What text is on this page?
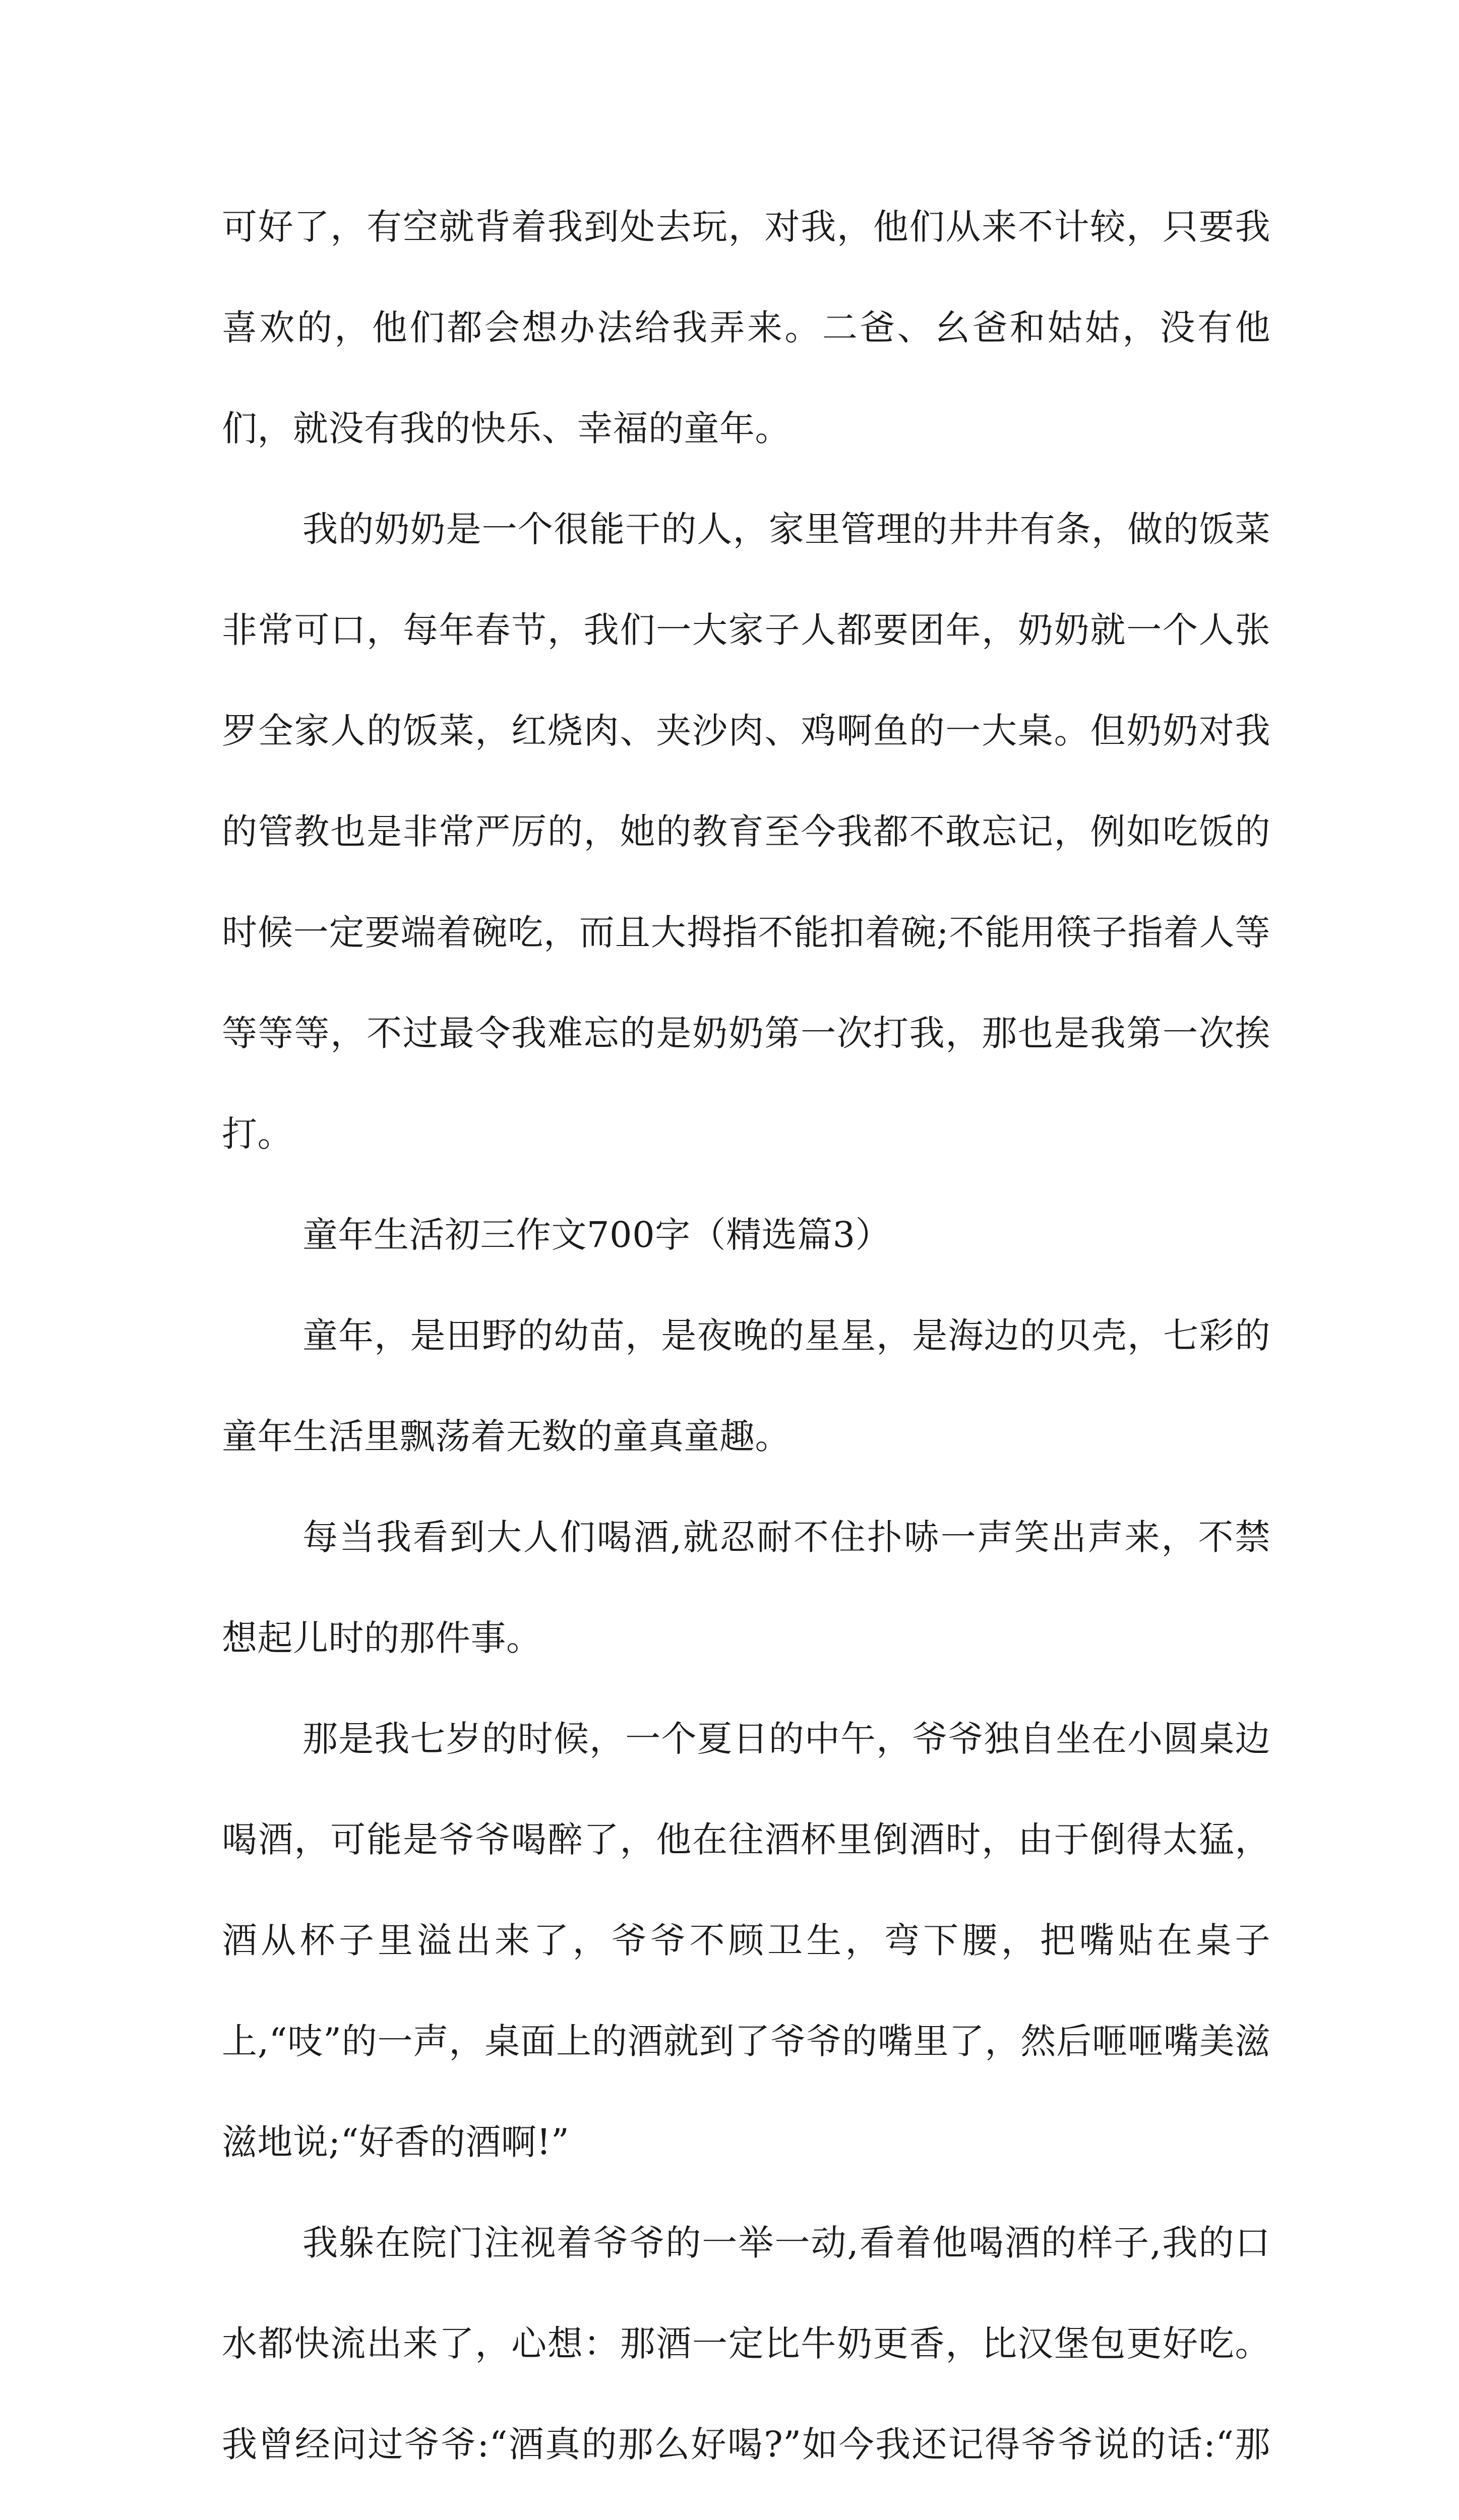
可好了，有空就背着我到处去玩，对我，他们从来不计较，只要我喜欢的，他们都会想办法给我弄来。二爸、幺爸和姑姑，没有他们，就没有我的快乐、幸福的童年。

我的奶奶是一个很能干的人，家里管理的井井有条，做的饭菜非常可口，每年春节，我们一大家子人都要团年，奶奶就一个人张罗全家人的饭菜，红烧肉、夹沙肉、鸡啊鱼的一大桌。但奶奶对我的管教也是非常严厉的，她的教育至今我都不敢忘记，例如吃饭的时候一定要端着碗吃，而且大拇指不能扣着碗;不能用筷子指着人等等等等，不过最令我难忘的是奶奶第一次打我，那也是我第一次挨打。

童年生活初三作文700字（精选篇3）

童年，是田野的幼苗，是夜晚的星星，是海边的贝壳，七彩的童年生活里飘荡着无数的童真童趣。

每当我看到大人们喝酒,就忍耐不住扑哧一声笑出声来，不禁想起儿时的那件事。

那是我七岁的时候，一个夏日的中午，爷爷独自坐在小圆桌边喝酒，可能是爷爷喝醉了，他在往酒杯里倒酒时，由于倒得太猛，酒从杯子里溢出来了，爷爷不顾卫生，弯下腰，把嘴贴在桌子上,“吱”的一声，桌面上的酒就到了爷爷的嘴里了，然后咂咂嘴美滋滋地说;“好香的酒啊!”

我躲在院门注视着爷爷的一举一动,看着他喝酒的样子,我的口水都快流出来了，心想：那酒一定比牛奶更香，比汉堡包更好吃。我曾经问过爷爷:“酒真的那么好喝?”如今我还记得爷爷说的话:“那
